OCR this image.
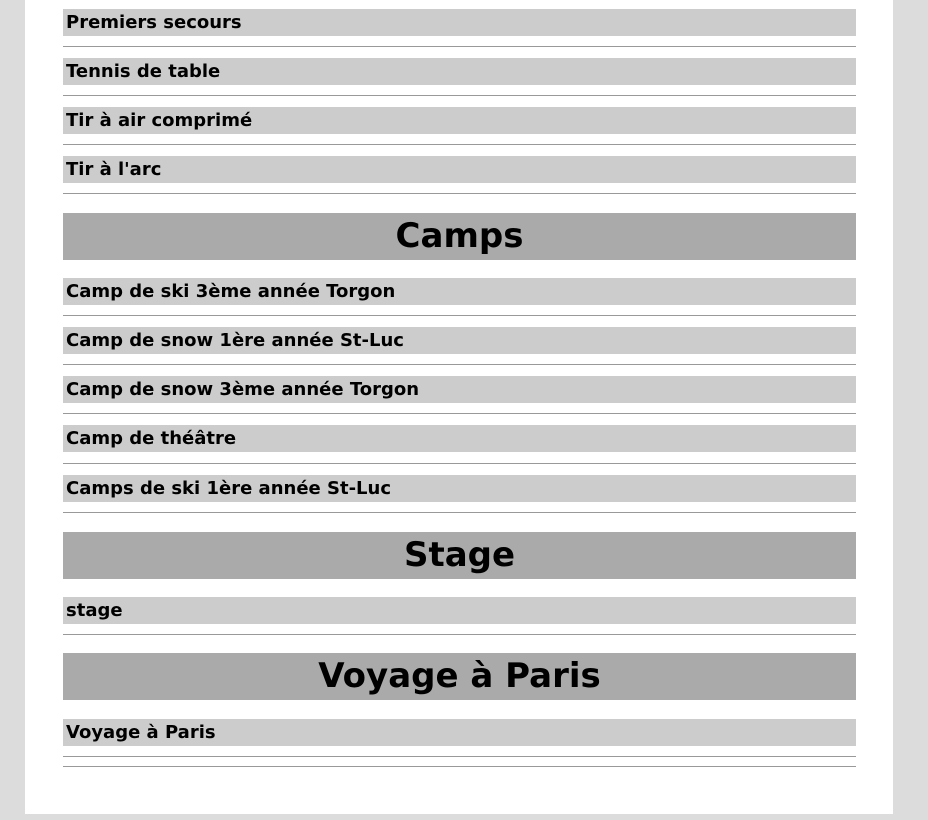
Premiers secours
Tennis de table
Tir à air comprimé
Tir à l'arc
Camps
Camp de ski 3ème année Torgon
Camp de snow 1ère année St-Luc
Camp de snow 3ème année Torgon
Camp de théâtre
Camps de ski 1ère année St-Luc
Stage
stage
Voyage à Paris
Voyage à Paris
